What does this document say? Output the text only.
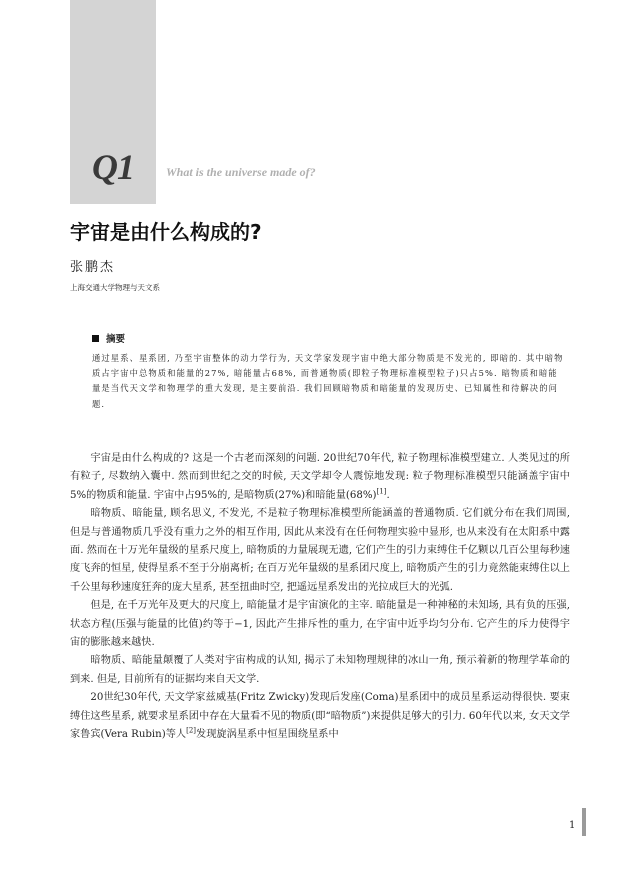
Q1	What is the universe made of?

宇宙是由什么构成的?

张鹏杰

上海交通大学物理与天文系

摘要

通过星系、星系团, 乃至宇宙整体的动力学行为, 天文学家发现宇宙中绝大部分物质是不发光的, 即暗的. 其中暗物质占宇宙中总物质和能量的27%, 暗能量占68%, 而普通物质(即粒子物理标准模型粒子)只占5%. 暗物质和暗能量是当代天文学和物理学的重大发现, 是主要前沿. 我们回顾暗物质和暗能量的发现历史、已知属性和待解决的问题.

宇宙是由什么构成的? 这是一个古老而深刻的问题. 20世纪70年代, 粒子物理标准模型建立. 人类见过的所有粒子, 尽数纳入囊中. 然而到世纪之交的时候, 天文学却令人震惊地发现: 粒子物理标准模型只能涵盖宇宙中5%的物质和能量. 宇宙中占95%的, 是暗物质(27%)和暗能量(68%)[1].

暗物质、暗能量, 顾名思义, 不发光, 不是粒子物理标准模型所能涵盖的普通物质. 它们就分布在我们周围, 但是与普通物质几乎没有重力之外的相互作用, 因此从来没有在任何物理实验中显形, 也从来没有在太阳系中露面. 然而在十万光年量级的星系尺度上, 暗物质的力量展现无遗, 它们产生的引力束缚住千亿颗以几百公里每秒速度飞奔的恒星, 使得星系不至于分崩离析; 在百万光年量级的星系团尺度上, 暗物质产生的引力竟然能束缚住以上千公里每秒速度狂奔的庞大星系, 甚至扭曲时空, 把遥远星系发出的光拉成巨大的光弧.

但是, 在千万光年及更大的尺度上, 暗能量才是宇宙演化的主宰. 暗能量是一种神秘的未知场, 具有负的压强, 状态方程(压强与能量的比值)约等于−1, 因此产生排斥性的重力, 在宇宙中近乎均匀分布. 它产生的斥力使得宇宙的膨胀越来越快.

暗物质、暗能量颠覆了人类对宇宙构成的认知, 揭示了未知物理规律的冰山一角, 预示着新的物理学革命的到来. 但是, 目前所有的证据均来自天文学.

20世纪30年代, 天文学家兹威基(Fritz Zwicky)发现后发座(Coma)星系团中的成员星系运动得很快. 要束缚住这些星系, 就要求星系团中存在大量看不见的物质(即“暗物质”)来提供足够大的引力. 60年代以来, 女天文学家鲁宾(Vera Rubin)等人[2]发现旋涡星系中恒星围绕星系中

1
